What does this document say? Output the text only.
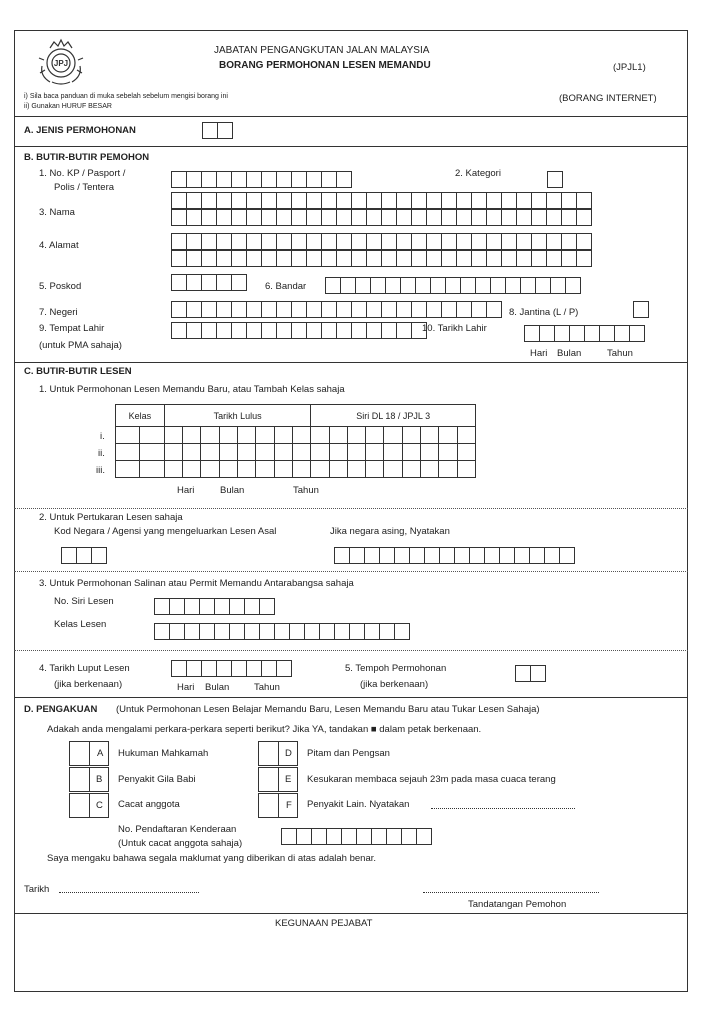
JPJ
JABATAN PENGANGKUTAN JALAN MALAYSIA
BORANG PERMOHONAN LESEN MEMANDU	(JPJL1)
(BORANG INTERNET)
i) Sila baca panduan di muka sebelah sebelum mengisi borang ini
ii) Gunakan HURUF BESAR
A. JENIS PERMOHONAN
B. BUTIR-BUTIR PEMOHON
1. No. KP / Pasport /
Polis / Tentera
2. Kategori
3. Nama
4. Alamat
5. Poskod	6. Bandar
7. Negeri	8. Jantina (L / P)
9. Tempat Lahir
(untuk PMA sahaja)
10. Tarikh Lahir
Hari Bulan	Tahun
C. BUTIR-BUTIR LESEN
1. Untuk Permohonan Lesen Memandu Baru, atau Tambah Kelas sahaja
Kelas		Tarikh Lulus								Siri DL 18 / JPJL 3								

i.
ii.
iii.
Hari	Bulan	Tahun
2. Untuk Pertukaran Lesen sahaja
Kod Negara / Agensi yang mengeluarkan Lesen Asal	Jika negara asing, Nyatakan
3. Untuk Permohonan Salinan atau Permit Memandu Antarabangsa sahaja
No. Siri Lesen
Kelas Lesen
4. Tarikh Luput Lesen
(jika berkenaan)	Hari Bulan	Tahun
5. Tempoh Permohonan
(jika berkenaan)
D. PENGAKUAN (Untuk Permohonan Lesen Belajar Memandu Baru, Lesen Memandu Baru atau Tukar Lesen Sahaja)
Adakah anda mengalami perkara-perkara seperti berikut? Jika YA, tandakan ■ dalam petak berkenaan.
A Hukuman Mahkamah
B Penyakit Gila Babi
C Cacat anggota
D Pitam dan Pengsan
E Kesukaran membaca sejauh 23m pada masa cuaca terang
F Penyakit Lain. Nyatakan
No. Pendaftaran Kenderaan
(Untuk cacat anggota sahaja)
Saya mengaku bahawa segala maklumat yang diberikan di atas adalah benar.
Tarikh
Tandatangan Pemohon
KEGUNAAN PEJABAT
